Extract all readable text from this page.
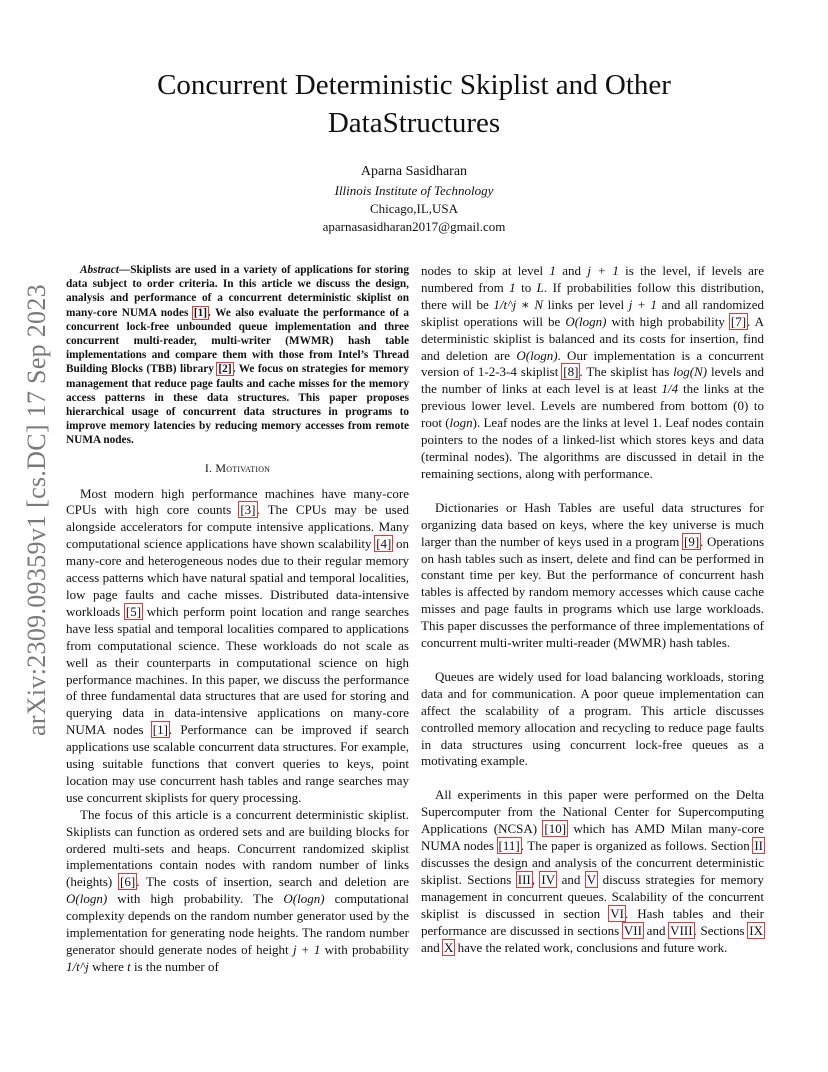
arXiv:2309.09359v1 [cs.DC] 17 Sep 2023
Concurrent Deterministic Skiplist and Other DataStructures
Aparna Sasidharan
Illinois Institute of Technology
Chicago,IL,USA
aparnasasidharan2017@gmail.com

Abstract—Skiplists are used in a variety of applications for storing data subject to order criteria. In this article we discuss the design, analysis and performance of a concurrent deterministic skiplist on many-core NUMA nodes [1]. We also evaluate the performance of a concurrent lock-free unbounded queue implementation and three concurrent multi-reader, multi-writer (MWMR) hash table implementations and compare them with those from Intel’s Thread Building Blocks (TBB) library [2]. We focus on strategies for memory management that reduce page faults and cache misses for the memory access patterns in these data structures. This paper proposes hierarchical usage of concurrent data structures in programs to improve memory latencies by reducing memory accesses from remote NUMA nodes.

I. Motivation

Most modern high performance machines have many-core CPUs with high core counts [3]. The CPUs may be used alongside accelerators for compute intensive applications. Many computational science applications have shown scalability [4] on many-core and heterogeneous nodes due to their regular memory access patterns which have natural spatial and temporal localities, low page faults and cache misses. Distributed data-intensive workloads [5] which perform point location and range searches have less spatial and temporal localities compared to applications from computational science. These workloads do not scale as well as their counterparts in computational science on high performance machines. In this paper, we discuss the performance of three fundamental data structures that are used for storing and querying data in data-intensive applications on many-core NUMA nodes [1]. Performance can be improved if search applications use scalable concurrent data structures. For example, using suitable functions that convert queries to keys, point location may use concurrent hash tables and range searches may use concurrent skiplists for query processing.

The focus of this article is a concurrent deterministic skiplist. Skiplists can function as ordered sets and are building blocks for ordered multi-sets and heaps. Concurrent randomized skiplist implementations contain nodes with random number of links (heights) [6]. The costs of insertion, search and deletion are O(logn) with high probability. The O(logn) computational complexity depends on the random number generator used by the implementation for generating node heights. The random number generator should generate nodes of height j + 1 with probability 1/t^j where t is the number of

nodes to skip at level 1 and j + 1 is the level, if levels are numbered from 1 to L. If probabilities follow this distribution, there will be 1/t^j ∗ N links per level j + 1 and all randomized skiplist operations will be O(logn) with high probability [7]. A deterministic skiplist is balanced and its costs for insertion, find and deletion are O(logn). Our implementation is a concurrent version of 1-2-3-4 skiplist [8]. The skiplist has log(N) levels and the number of links at each level is at least 1/4 the links at the previous lower level. Levels are numbered from bottom (0) to root (logn). Leaf nodes are the links at level 1. Leaf nodes contain pointers to the nodes of a linked-list which stores keys and data (terminal nodes). The algorithms are discussed in detail in the remaining sections, along with performance.

Dictionaries or Hash Tables are useful data structures for organizing data based on keys, where the key universe is much larger than the number of keys used in a program [9]. Operations on hash tables such as insert, delete and find can be performed in constant time per key. But the performance of concurrent hash tables is affected by random memory accesses which cause cache misses and page faults in programs which use large workloads. This paper discusses the performance of three implementations of concurrent multi-writer multi-reader (MWMR) hash tables.

Queues are widely used for load balancing workloads, storing data and for communication. A poor queue implementation can affect the scalability of a program. This article discusses controlled memory allocation and recycling to reduce page faults in data structures using concurrent lock-free queues as a motivating example.

All experiments in this paper were performed on the Delta Supercomputer from the National Center for Supercomputing Applications (NCSA) [10] which has AMD Milan many-core NUMA nodes [11]. The paper is organized as follows. Section II discusses the design and analysis of the concurrent deterministic skiplist. Sections III, IV and V discuss strategies for memory management in concurrent queues. Scalability of the concurrent skiplist is discussed in section VI. Hash tables and their performance are discussed in sections VII and VIII. Sections IX and X have the related work, conclusions and future work.
